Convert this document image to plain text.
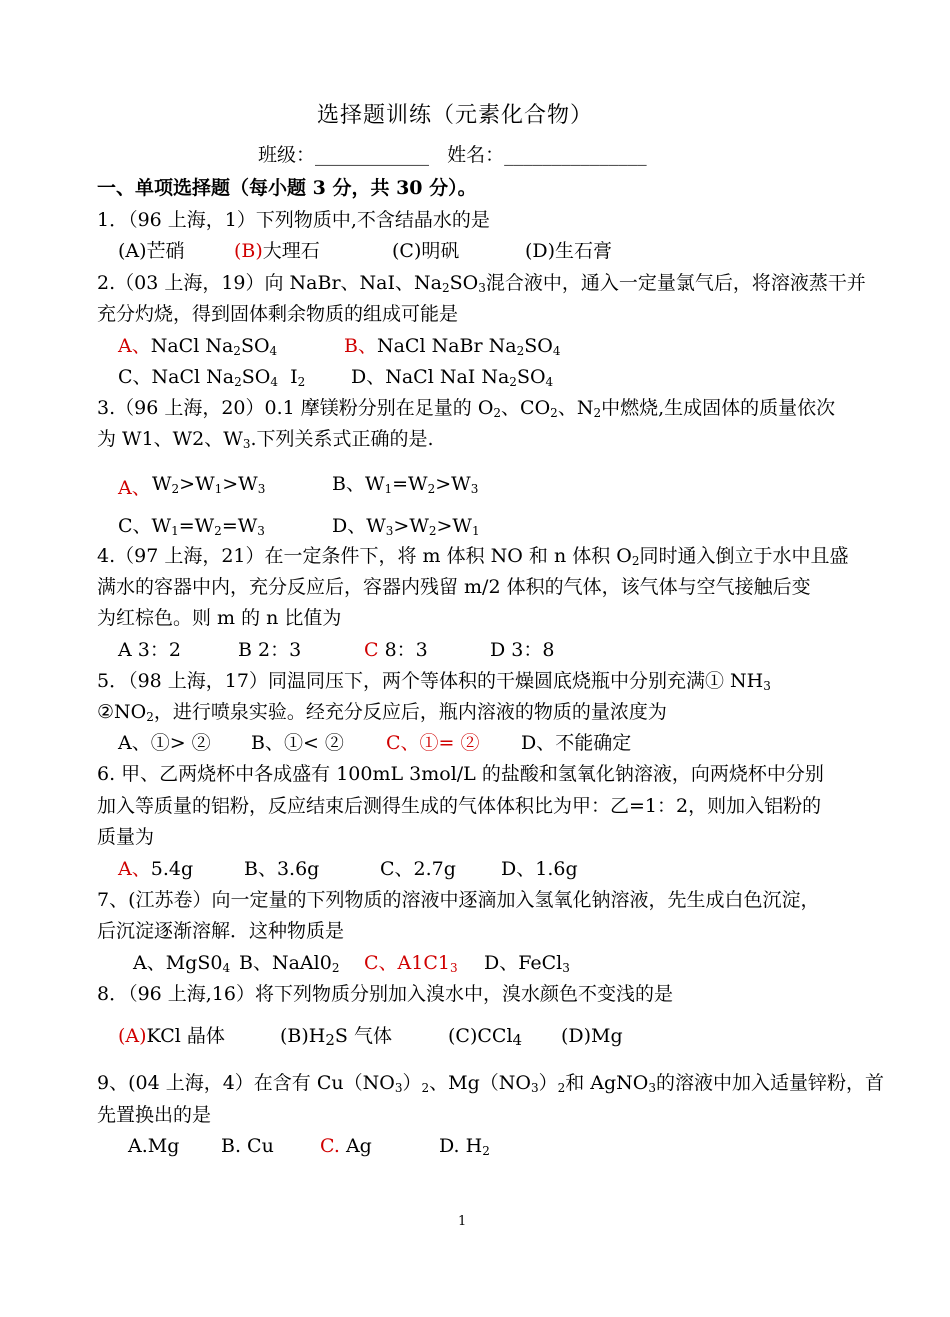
选择题训练（元素化合物）
班级：____________ 姓名：_______________
一、单项选择题（每小题 3 分，共 30 分）。
1．（96 上海，1）下列物质中,不含结晶水的是
(A)芒硝	(B)大理石	(C)明矾	(D)生石膏
2.（03 上海，19）向 NaBr、NaI、$Na_2SO_3$混合液中，通入一定量氯气后，将溶液蒸干并
充分灼烧，得到固体剩余物质的组成可能是
A、NaCl $Na_2SO_4$	B、NaCl NaBr $Na_2SO_4$
C、NaCl $Na_2SO_4$ $I_2$ D、NaCl NaI $Na_2SO_4$
3.（96 上海，20）0.1 摩镁粉分别在足量的 $O_2$、$CO_2$、$N_2$中燃烧,生成固体的质量依次
为 W1、W2、$W_3$.下列关系式正确的是.
A、 $W_2>W_1>W_3$	B、$W_1=W_2>W_3$
C、$W_1=W_2=W_3$	D、$W_3>W_2>W_1$
4.（97 上海，21）在一定条件下，将 m 体积 NO 和 n 体积 $O_2$同时通入倒立于水中且盛
满水的容器中内，充分反应后，容器内残留 m/2 体积的气体，该气体与空气接触后变
为红棕色。则 m 的 n 比值为
A 3：2	B 2：3	C 8：3	D 3：8
5．（98 上海，17）同温同压下，两个等体积的干燥圆底烧瓶中分别充满① $NH_3$
$②NO_2$，进行喷泉实验。经充分反应后，瓶内溶液的物质的量浓度为
A、①> ② B、①< ② C、①= ② D、不能确定
6. 甲、乙两烧杯中各成盛有 100mL 3mol/L 的盐酸和氢氧化钠溶液，向两烧杯中分别
加入等质量的铝粉，反应结束后测得生成的气体体积比为甲：乙=1：2，则加入铝粉的
质量为
A、5.4g	B、3.6g	C、2.7g D、1.6g
7、(江苏卷）向一定量的下列物质的溶液中逐滴加入氢氧化钠溶液，先生成白色沉淀，
后沉淀逐渐溶解．这种物质是
A、$MgS0_4$ B、$NaAl0_2$ C、$A1C1_3$ D、FeCl$_3$
8．（96 上海,16）将下列物质分别加入溴水中，溴水颜色不变浅的是
(A)KCl 晶体	$(B)H_2S$ 气体	(C)CCl$_4$ (D)Mg
9、(04 上海，4）在含有 $Cu(NO_3)_2$、$Mg(NO_3)_2$和 AgNO$_3$的溶液中加入适量锌粉，首
先置换出的是
A.Mg B. Cu C. Ag	D. $H_2$
1
